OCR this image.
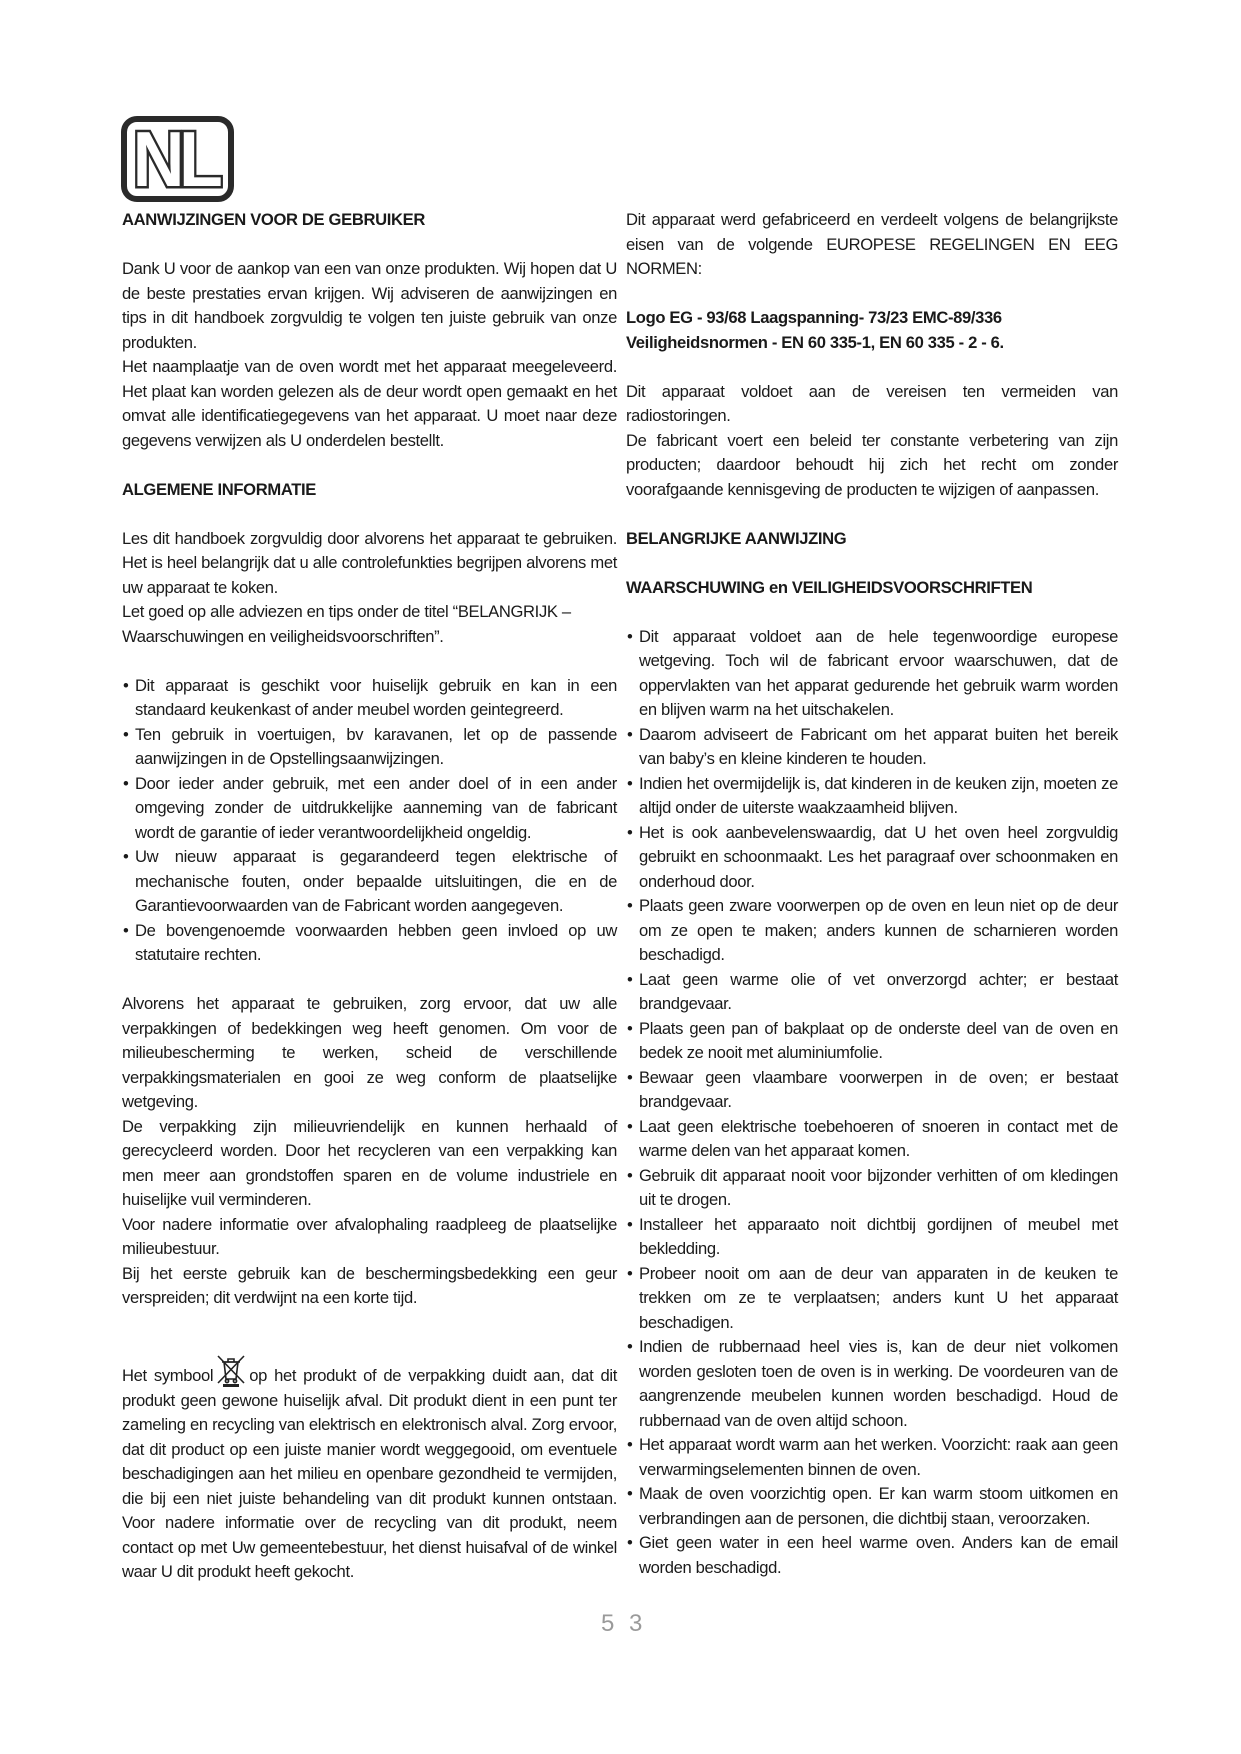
NL
AANWIJZINGEN VOOR DE GEBRUIKER

Dank U voor de aankop van een van onze produkten. Wij hopen dat U de beste prestaties ervan krijgen. Wij adviseren de aanwijzingen en tips in dit handboek zorgvuldig te volgen ten juiste gebruik van onze produkten.

Het naamplaatje van de oven wordt met het apparaat meegeleveerd. Het plaat kan worden gelezen als de deur wordt open gemaakt en het omvat alle identificatiegegevens van het apparaat. U moet naar deze gegevens verwijzen als U onderdelen bestellt.

ALGEMENE INFORMATIE

Les dit handboek zorgvuldig door alvorens het apparaat te gebruiken. Het is heel belangrijk dat u alle controlefunkties begrijpen alvorens met uw apparaat te koken.

Let goed op alle adviezen en tips onder de titel “BELANGRIJK – Waarschuwingen en veiligheidsvoorschriften”.

• Dit apparaat is geschikt voor huiselijk gebruik en kan in een standaard keukenkast of ander meubel worden geintegreerd.
• Ten gebruik in voertuigen, bv karavanen, let op de passende aanwijzingen in de Opstellingsaanwijzingen.
• Door ieder ander gebruik, met een ander doel of in een ander omgeving zonder de uitdrukkelijke aanneming van de fabricant wordt de garantie of ieder verantwoordelijkheid ongeldig.
• Uw nieuw apparaat is gegarandeerd tegen elektrische of mechanische fouten, onder bepaalde uitsluitingen, die en de Garantievoorwaarden van de Fabricant worden aangegeven.
• De bovengenoemde voorwaarden hebben geen invloed op uw statutaire rechten.

Alvorens het apparaat te gebruiken, zorg ervoor, dat uw alle verpakkingen of bedekkingen weg heeft genomen. Om voor de milieubescherming te werken, scheid de verschillende verpakkingsmaterialen en gooi ze weg conform de plaatselijke wetgeving.

De verpakking zijn milieuvriendelijk en kunnen herhaald of gerecycleerd worden. Door het recyclеren van een verpakking kan men meer aan grondstoffen sparen en de volume industriele en huiselijke vuil verminderen.

Voor nadere informatie over afvalophaling raadpleeg de plaatselijke milieubestuur.

Bij het eerste gebruik kan de beschermingsbedekking een geur verspreiden; dit verdwijnt na een korte tijd.

Het symbool op het produkt of de verpakking duidt aan, dat dit produkt geen gewone huiselijk afval. Dit produkt dient in een punt ter zameling en recycling van elektrisch en elektronisch alval. Zorg ervoor, dat dit product op een juiste manier wordt weggegooid, om eventuele beschadigingen aan het milieu en openbare gezondheid te vermijden, die bij een niet juiste behandeling van dit produkt kunnen ontstaan. Voor nadere informatie over de recycling van dit produkt, neem contact op met Uw gemeentebestuur, het dienst huisafval of de winkel waar U dit produkt heeft gekocht.

Dit apparaat werd gefabriceerd en verdeelt volgens de belangrijkste eisen van de volgende EUROPESE REGELINGEN EN EEG NORMEN:

Logo EG - 93/68 Laagspanning- 73/23 EMC-89/336
Veiligheidsnormen - EN 60 335-1, EN 60 335 - 2 - 6.

Dit apparaat voldoet aan de vereisen ten vermeiden van radiostoringen.

De fabricant voert een beleid ter constante verbetering van zijn producten; daardoor behoudt hij zich het recht om zonder voorafgaande kennisgeving de producten te wijzigen of aanpassen.

BELANGRIJKE AANWIJZING
WAARSCHUWING en VEILIGHEIDSVOORSCHRIFTEN
• Dit apparaat voldoet aan de hele tegenwoordige europese wetgeving. Toch wil de fabricant ervoor waarschuwen, dat de oppervlakten van het apparat gedurende het gebruik warm worden en blijven warm na het uitschakelen.
• Daarom adviseert de Fabricant om het apparat buiten het bereik van baby’s en kleine kinderen te houden.
• Indien het overmijdelijk is, dat kinderen in de keuken zijn, moeten ze altijd onder de uiterste waakzaamheid blijven.
• Het is ook aanbevelenswaardig, dat U het oven heel zorgvuldig gebruikt en schoonmaakt. Les het paragraaf over schoonmaken en onderhoud door.
• Plaats geen zware voorwerpen op de oven en leun niet op de deur om ze open te maken; anders kunnen de scharnieren worden beschadigd.
• Laat geen warme olie of vet onverzorgd achter; er bestaat brandgevaar.
• Plaats geen pan of bakplaat op de onderste deel van de oven en bedek ze nooit met aluminiumfolie.
• Bewaar geen vlaambare voorwerpen in de oven; er bestaat brandgevaar.
• Laat geen elektrische toebehoeren of snoeren in contact met de warme delen van het apparaat komen.
• Gebruik dit apparaat nooit voor bijzonder verhitten of om kledingen uit te drogen.
• Installeer het apparaato noit dichtbij gordijnen of meubel met bekledding.
• Probeer nooit om aan de deur van apparaten in de keuken te trekken om ze te verplaatsen; anders kunt U het apparaat beschadigen.
• Indien de rubbernaad heel vies is, kan de deur niet volkomen worden gesloten toen de oven is in werking. De voordeuren van de aangrenzende meubelen kunnen worden beschadigd. Houd de rubbernaad van de oven altijd schoon.
• Het apparaat wordt warm aan het werken. Voorzicht: raak aan geen verwarmingselementen binnen de oven.
• Maak de oven voorzichtig open. Er kan warm stoom uitkomen en verbrandingen aan de personen, die dichtbij staan, veroorzaken.
• Giet geen water in een heel warme oven. Anders kan de email worden beschadigd.
5 3
